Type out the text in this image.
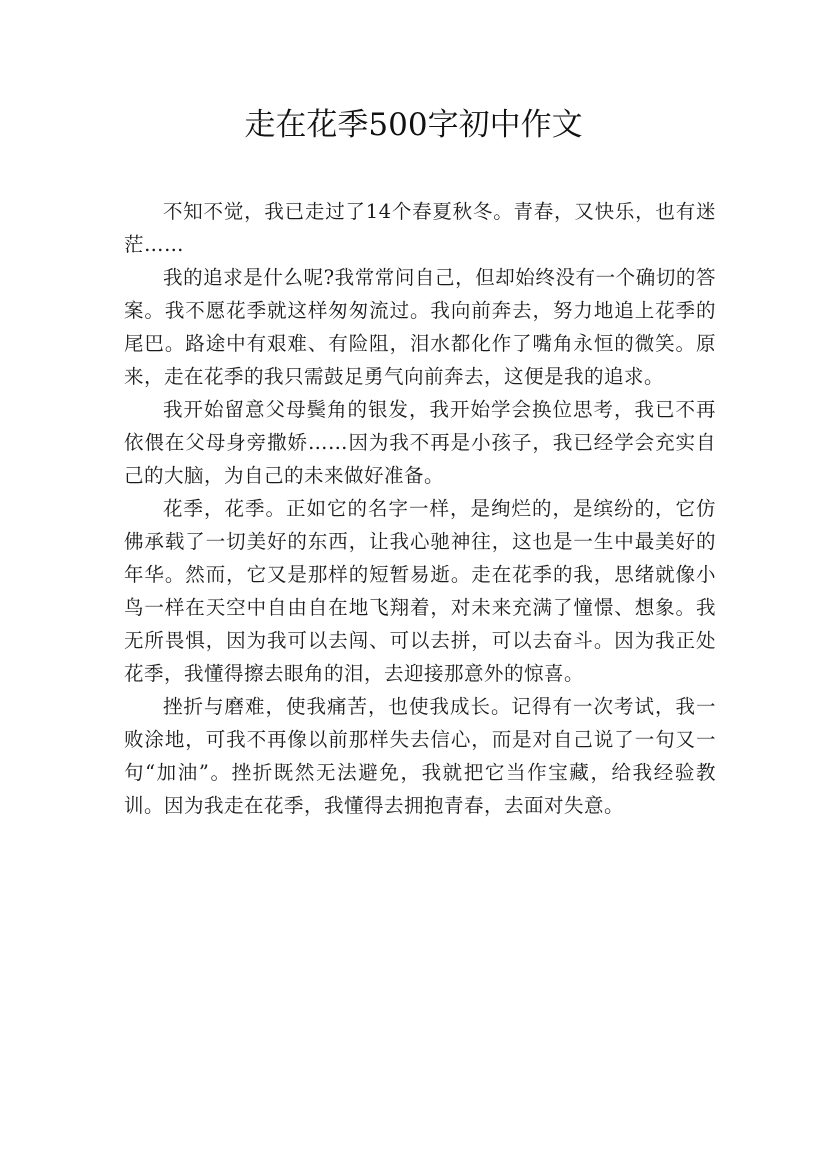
走在花季500字初中作文

不知不觉，我已走过了14个春夏秋冬。青春，又快乐，也有迷茫……

我的追求是什么呢?我常常问自己，但却始终没有一个确切的答案。我不愿花季就这样匆匆流过。我向前奔去，努力地追上花季的尾巴。路途中有艰难、有险阻，泪水都化作了嘴角永恒的微笑。原来，走在花季的我只需鼓足勇气向前奔去，这便是我的追求。

我开始留意父母鬓角的银发，我开始学会换位思考，我已不再依偎在父母身旁撒娇……因为我不再是小孩子，我已经学会充实自己的大脑，为自己的未来做好准备。

花季，花季。正如它的名字一样，是绚烂的，是缤纷的，它仿佛承载了一切美好的东西，让我心驰神往，这也是一生中最美好的年华。然而，它又是那样的短暂易逝。走在花季的我，思绪就像小鸟一样在天空中自由自在地飞翔着，对未来充满了憧憬、想象。我无所畏惧，因为我可以去闯、可以去拼，可以去奋斗。因为我正处花季，我懂得擦去眼角的泪，去迎接那意外的惊喜。

挫折与磨难，使我痛苦，也使我成长。记得有一次考试，我一败涂地，可我不再像以前那样失去信心，而是对自己说了一句又一句“加油”。挫折既然无法避免，我就把它当作宝藏，给我经验教训。因为我走在花季，我懂得去拥抱青春，去面对失意。
